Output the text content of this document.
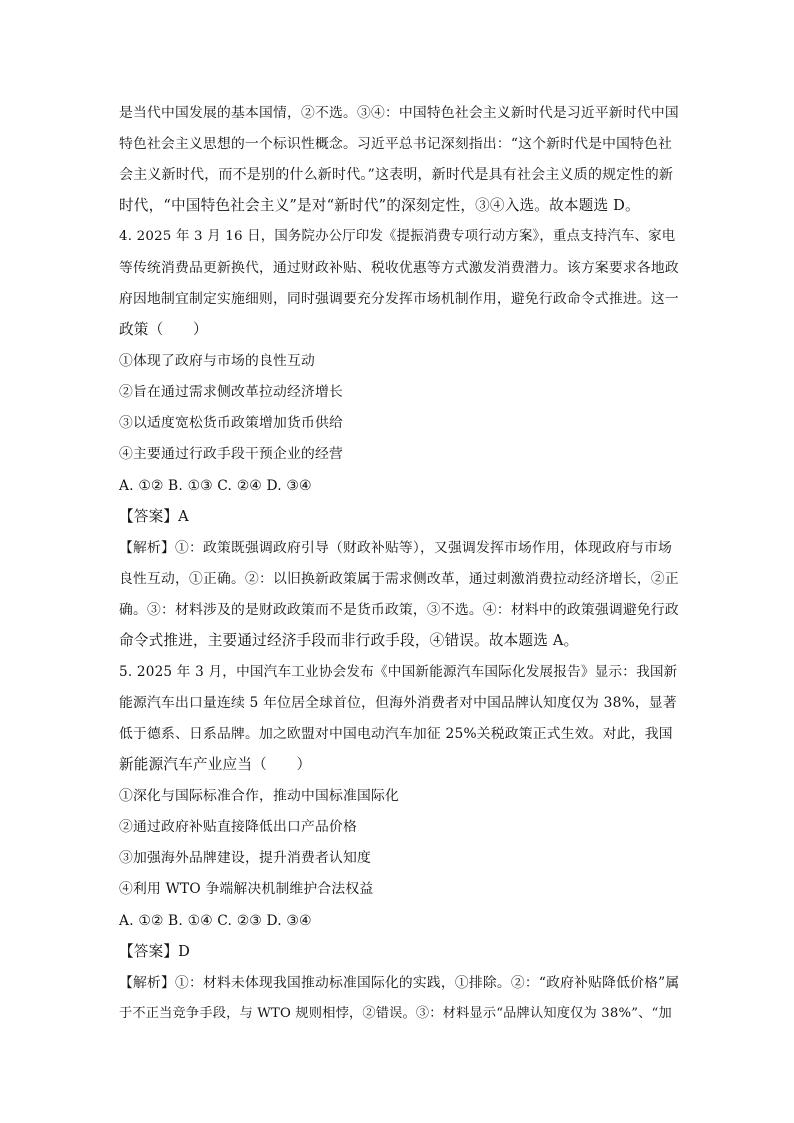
是当代中国发展的基本国情，②不选。③④：中国特色社会主义新时代是习近平新时代中国
特色社会主义思想的一个标识性概念。习近平总书记深刻指出：“这个新时代是中国特色社
会主义新时代，而不是别的什么新时代。”这表明，新时代是具有社会主义质的规定性的新
时代，“中国特色社会主义”是对“新时代”的深刻定性，③④入选。故本题选 D。
4. 2025 年 3 月 16 日，国务院办公厅印发《提振消费专项行动方案》，重点支持汽车、家电
等传统消费品更新换代，通过财政补贴、税收优惠等方式激发消费潜力。该方案要求各地政
府因地制宜制定实施细则，同时强调要充分发挥市场机制作用，避免行政命令式推进。这一
政策（　　）
①体现了政府与市场的良性互动
②旨在通过需求侧改革拉动经济增长
③以适度宽松货币政策增加货币供给
④主要通过行政手段干预企业的经营
A. ①② B. ①③ C. ②④ D. ③④
【答案】A
【解析】①：政策既强调政府引导（财政补贴等），又强调发挥市场作用，体现政府与市场
良性互动，①正确。②：以旧换新政策属于需求侧改革，通过刺激消费拉动经济增长，②正
确。③：材料涉及的是财政政策而不是货币政策，③不选。④：材料中的政策强调避免行政
命令式推进，主要通过经济手段而非行政手段，④错误。故本题选 A。
5. 2025 年 3 月，中国汽车工业协会发布《中国新能源汽车国际化发展报告》显示：我国新
能源汽车出口量连续 5 年位居全球首位，但海外消费者对中国品牌认知度仅为 38%，显著
低于德系、日系品牌。加之欧盟对中国电动汽车加征 25%关税政策正式生效。对此，我国
新能源汽车产业应当（　　）
①深化与国际标准合作，推动中国标准国际化
②通过政府补贴直接降低出口产品价格
③加强海外品牌建设，提升消费者认知度
④利用 WTO 争端解决机制维护合法权益
A. ①② B. ①④ C. ②③ D. ③④
【答案】D
【解析】①：材料未体现我国推动标准国际化的实践，①排除。②：“政府补贴降低价格”属
于不正当竞争手段，与 WTO 规则相悖，②错误。③：材料显示“品牌认知度仅为 38%”、“加
